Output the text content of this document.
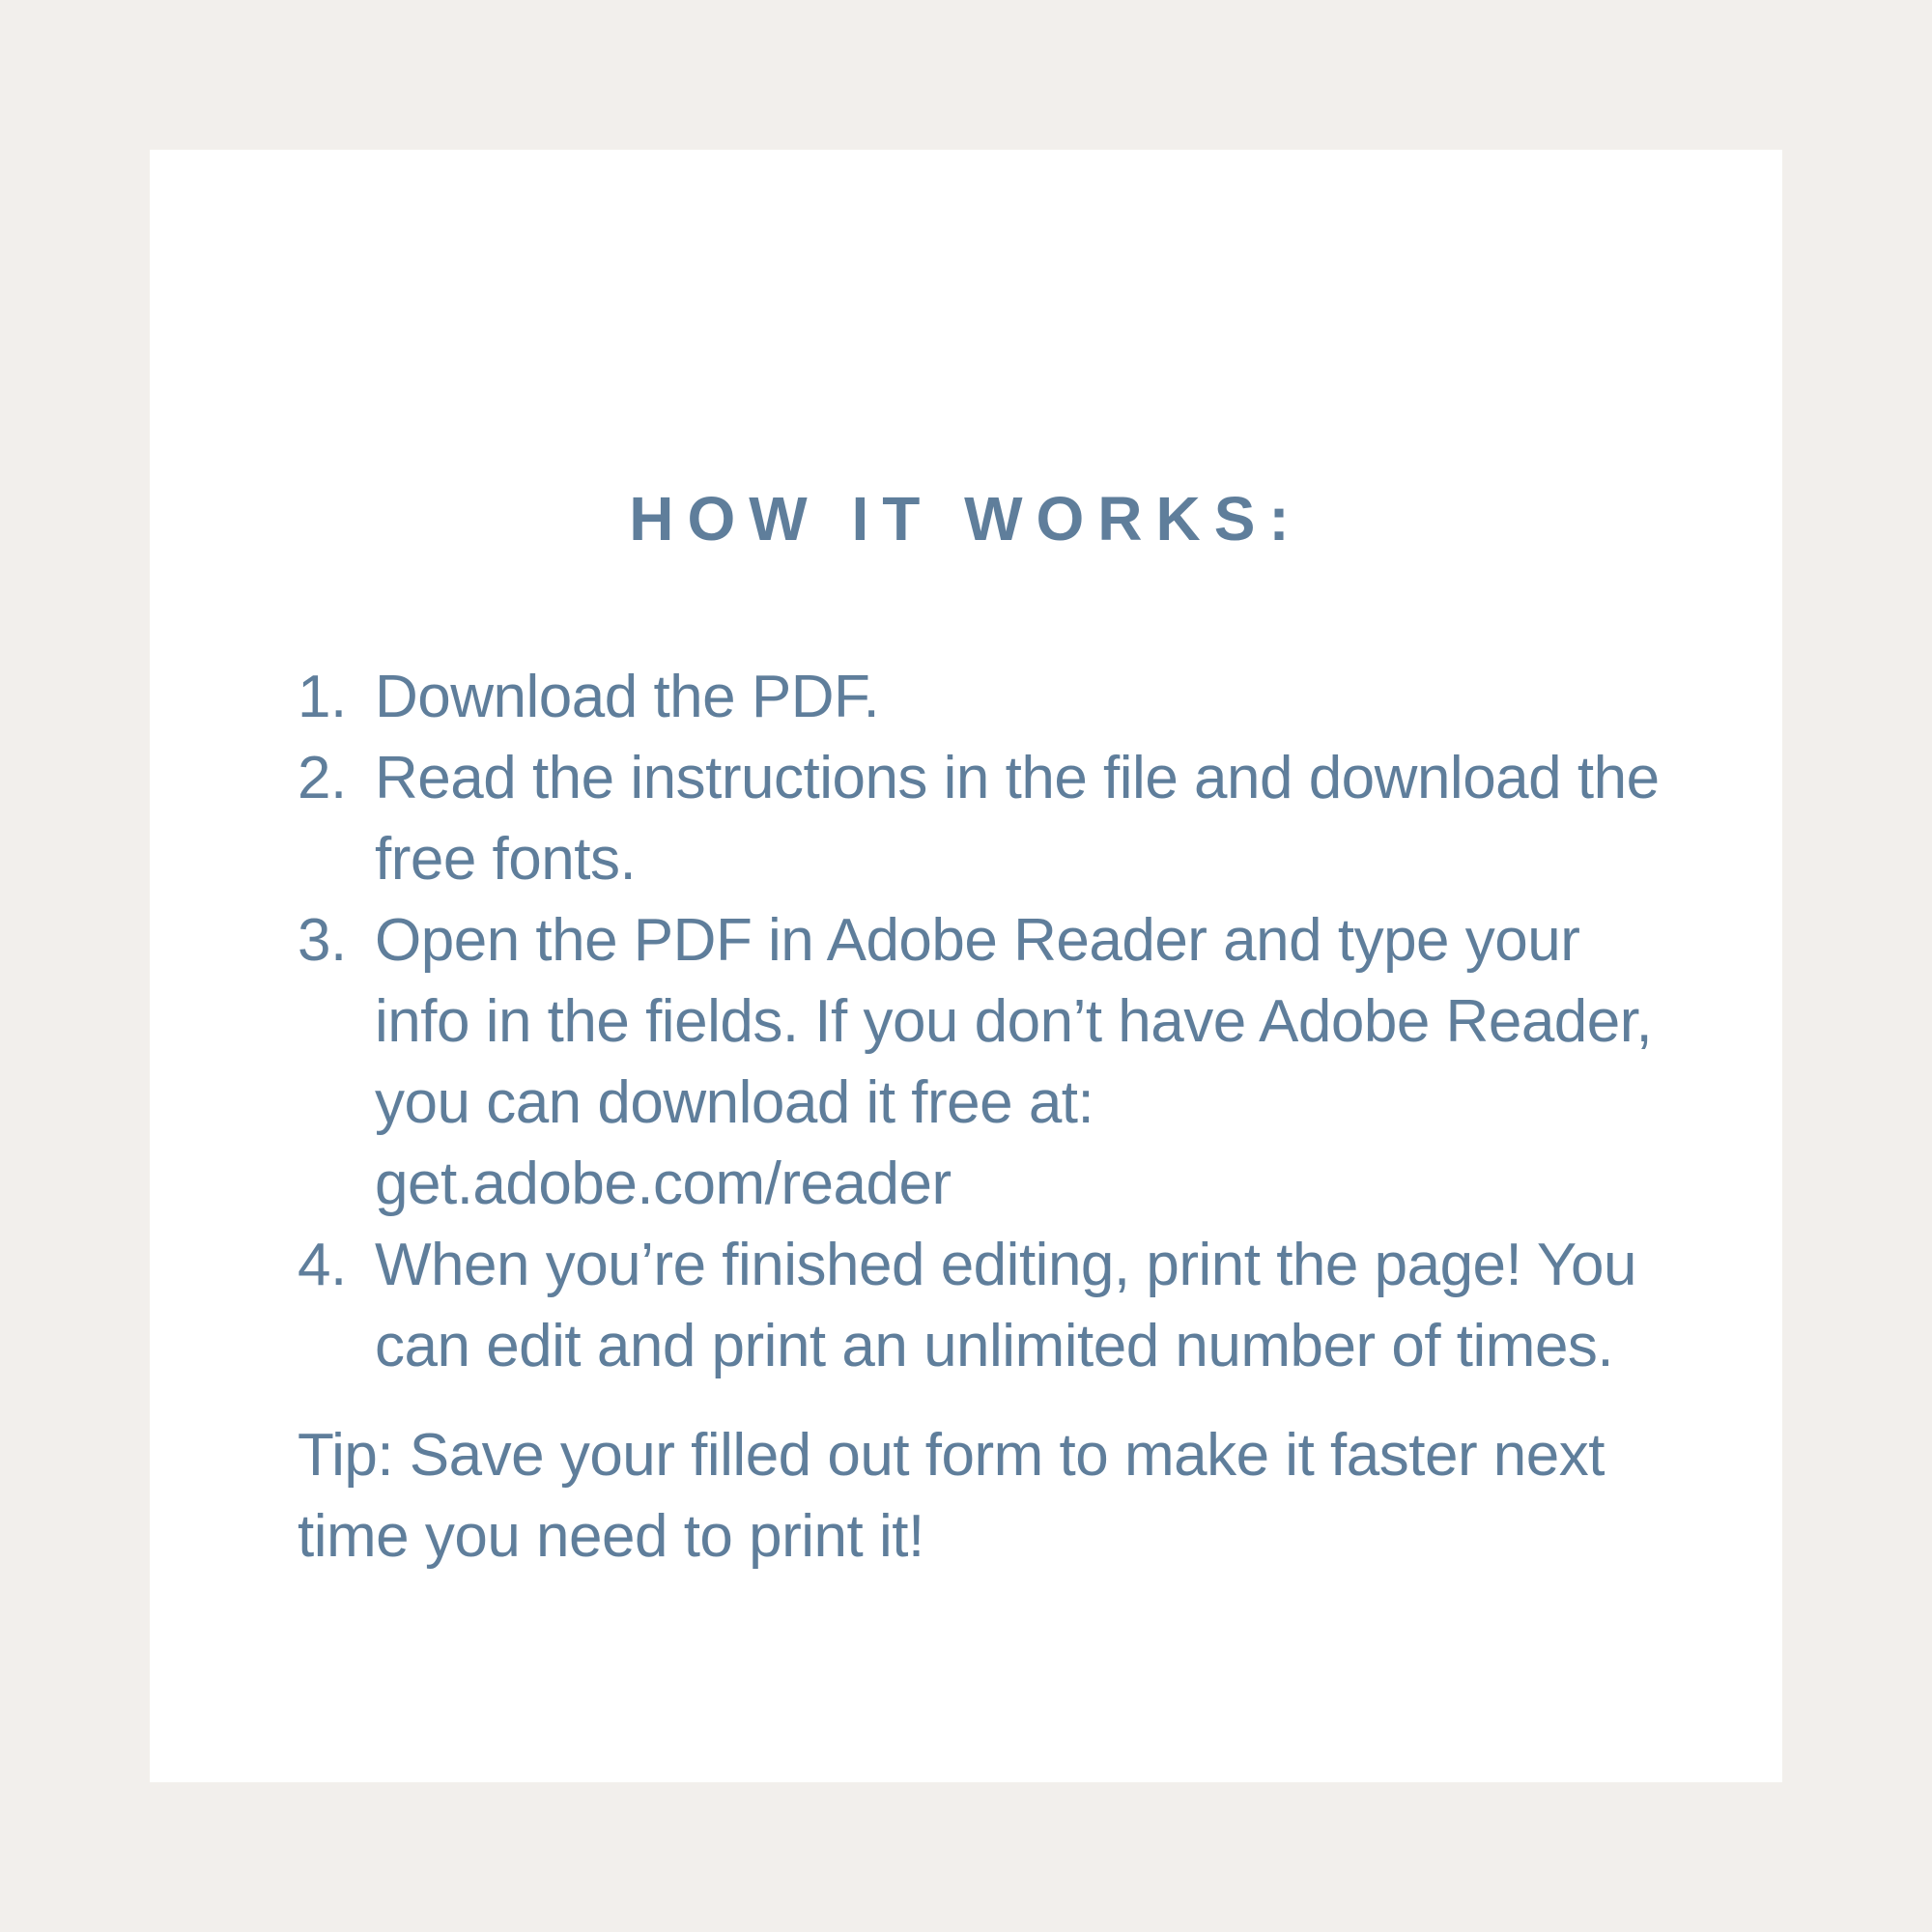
HOW IT WORKS:
1. Download the PDF.
2. Read the instructions in the file and download the free fonts.
3. Open the PDF in Adobe Reader and type your info in the fields. If you don’t have Adobe Reader, you can download it free at: get.adobe.com/reader
4. When you’re finished editing, print the page! You can edit and print an unlimited number of times.

Tip: Save your filled out form to make it faster next time you need to print it!
